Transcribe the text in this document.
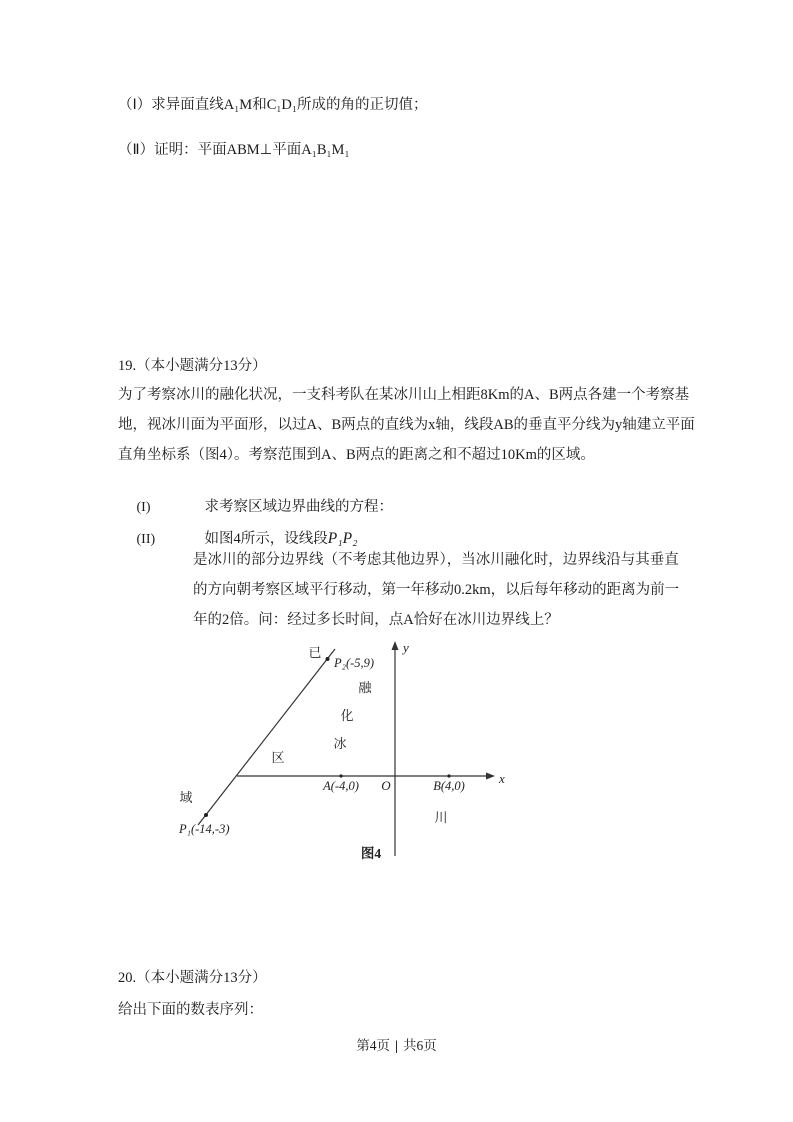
（Ⅰ）求异面直线A₁M和C₁D₁所成的角的正切值；
（Ⅱ）证明：平面ABM⊥平面A₁B₁M₁
19.（本小题满分13分）
为了考察冰川的融化状况，一支科考队在某冰川山上相距8Km的A、B两点各建一个考察基
地，视冰川面为平面形，以过A、B两点的直线为x轴，线段AB的垂直平分线为y轴建立平面
直角坐标系（图4）。考察范围到A、B两点的距离之和不超过10Km的区域。

(I)	求考察区域边界曲线的方程：

(II)	如图4所示，设线段P₁P₂

是冰川的部分边界线（不考虑其他边界），当冰川融化时，边界线沿与其垂直
的方向朝考察区域平行移动，第一年移动0.2km，以后每年移动的距离为前一
年的2倍。问：经过多长时间，点A恰好在冰川边界线上？
y
x
P₂(-5,9)
P₁(-14,-3)
A(-4,0)	B(4,0)
O
已
融
化
冰
区
域
川
图4
20.（本小题满分13分）
给出下面的数表序列：
第4页 | 共6页
